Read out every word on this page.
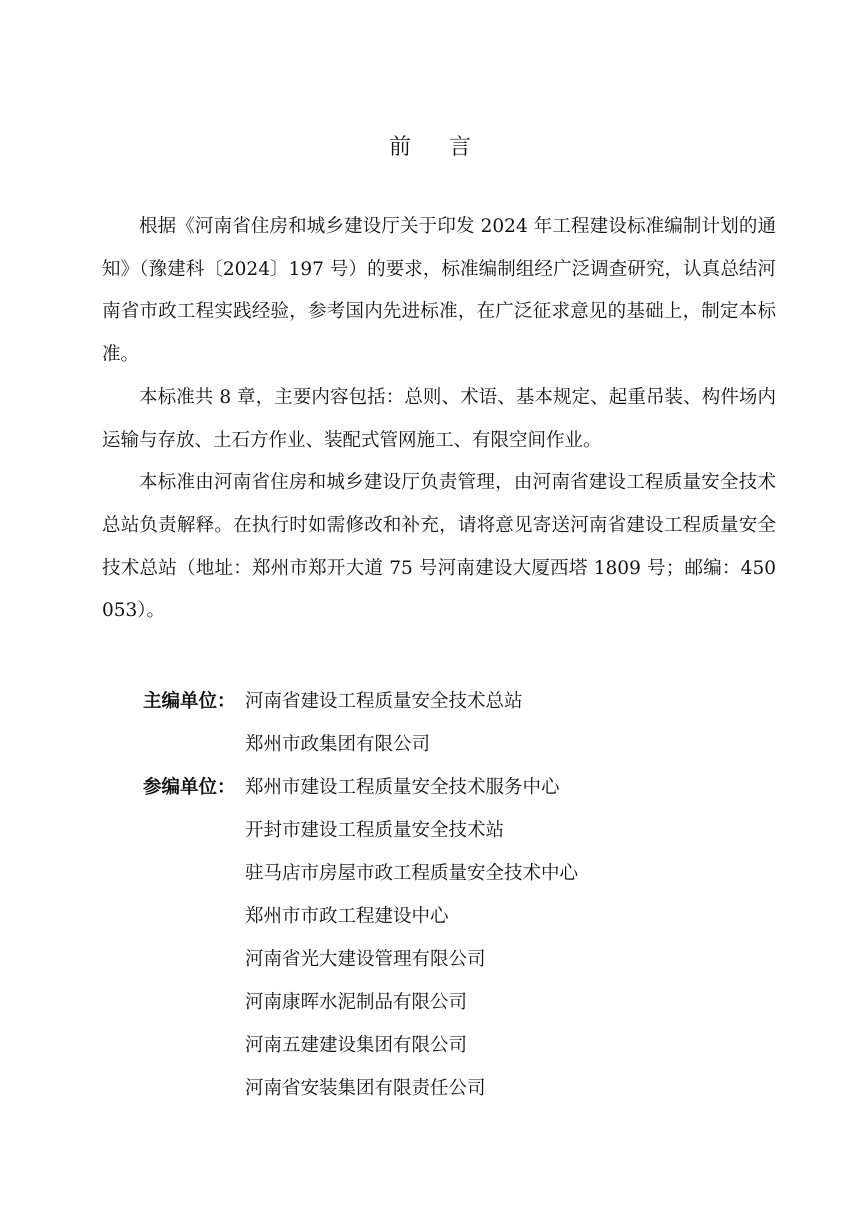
前言

根据《河南省住房和城乡建设厅关于印发 2024 年工程建设标准编制计划的通知》（豫建科〔2024〕197 号）的要求，标准编制组经广泛调查研究，认真总结河南省市政工程实践经验，参考国内先进标准，在广泛征求意见的基础上，制定本标准。

本标准共 8 章，主要内容包括：总则、术语、基本规定、起重吊装、构件场内运输与存放、土石方作业、装配式管网施工、有限空间作业。

本标准由河南省住房和城乡建设厅负责管理，由河南省建设工程质量安全技术总站负责解释。在执行时如需修改和补充，请将意见寄送河南省建设工程质量安全技术总站（地址：郑州市郑开大道 75 号河南建设大厦西塔 1809 号；邮编：450053）。

主编单位： 河南省建设工程质量安全技术总站
郑州市政集团有限公司
参编单位： 郑州市建设工程质量安全技术服务中心
开封市建设工程质量安全技术站
驻马店市房屋市政工程质量安全技术中心
郑州市市政工程建设中心
河南省光大建设管理有限公司
河南康晖水泥制品有限公司
河南五建建设集团有限公司
河南省安装集团有限责任公司
